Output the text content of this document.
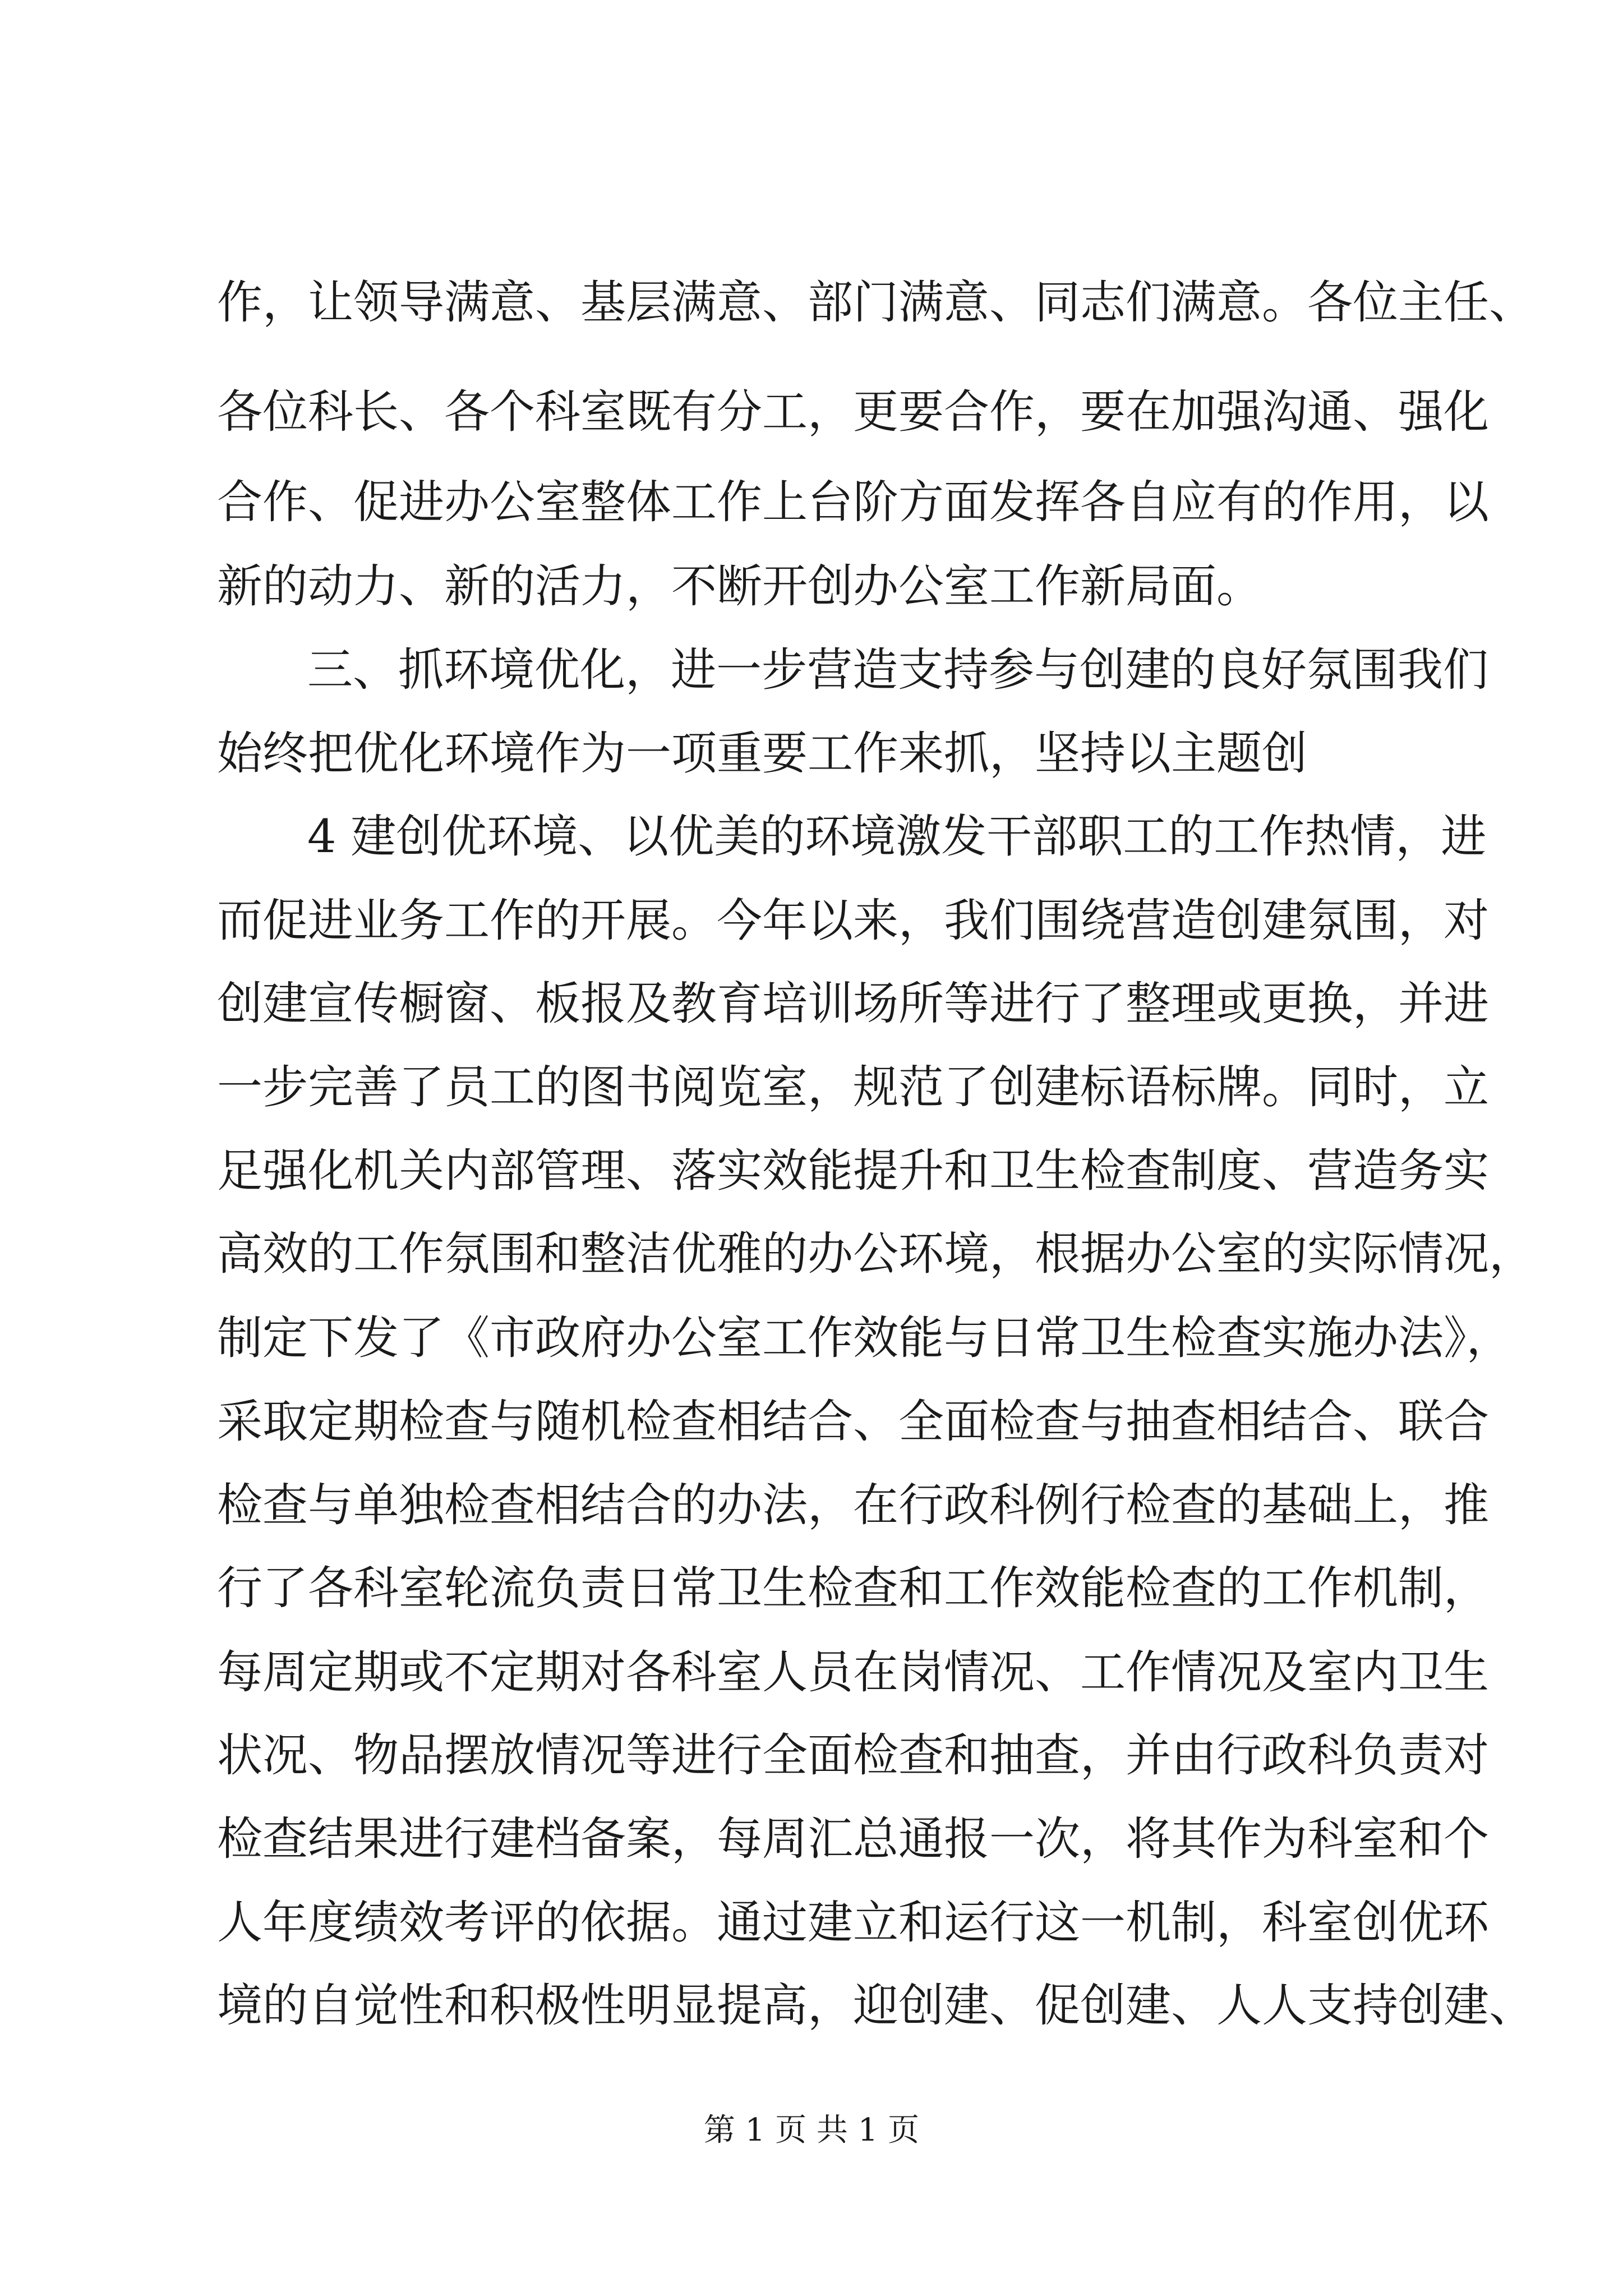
作，让领导满意、基层满意、部门满意、同志们满意。各位主任、
各位科长、各个科室既有分工，更要合作，要在加强沟通、强化
合作、促进办公室整体工作上台阶方面发挥各自应有的作用，以
新的动力、新的活力，不断开创办公室工作新局面。
三、抓环境优化，进一步营造支持参与创建的良好氛围我们
始终把优化环境作为一项重要工作来抓，坚持以主题创
4 建创优环境、以优美的环境激发干部职工的工作热情，进
而促进业务工作的开展。今年以来，我们围绕营造创建氛围，对
创建宣传橱窗、板报及教育培训场所等进行了整理或更换，并进
一步完善了员工的图书阅览室，规范了创建标语标牌。同时，立
足强化机关内部管理、落实效能提升和卫生检查制度、营造务实
高效的工作氛围和整洁优雅的办公环境，根据办公室的实际情况，
制定下发了《市政府办公室工作效能与日常卫生检查实施办法》，
采取定期检查与随机检查相结合、全面检查与抽查相结合、联合
检查与单独检查相结合的办法，在行政科例行检查的基础上，推
行了各科室轮流负责日常卫生检查和工作效能检查的工作机制，
每周定期或不定期对各科室人员在岗情况、工作情况及室内卫生
状况、物品摆放情况等进行全面检查和抽查，并由行政科负责对
检查结果进行建档备案，每周汇总通报一次，将其作为科室和个
人年度绩效考评的依据。通过建立和运行这一机制，科室创优环
境的自觉性和积极性明显提高，迎创建、促创建、人人支持创建、
第 1 页 共 1 页
